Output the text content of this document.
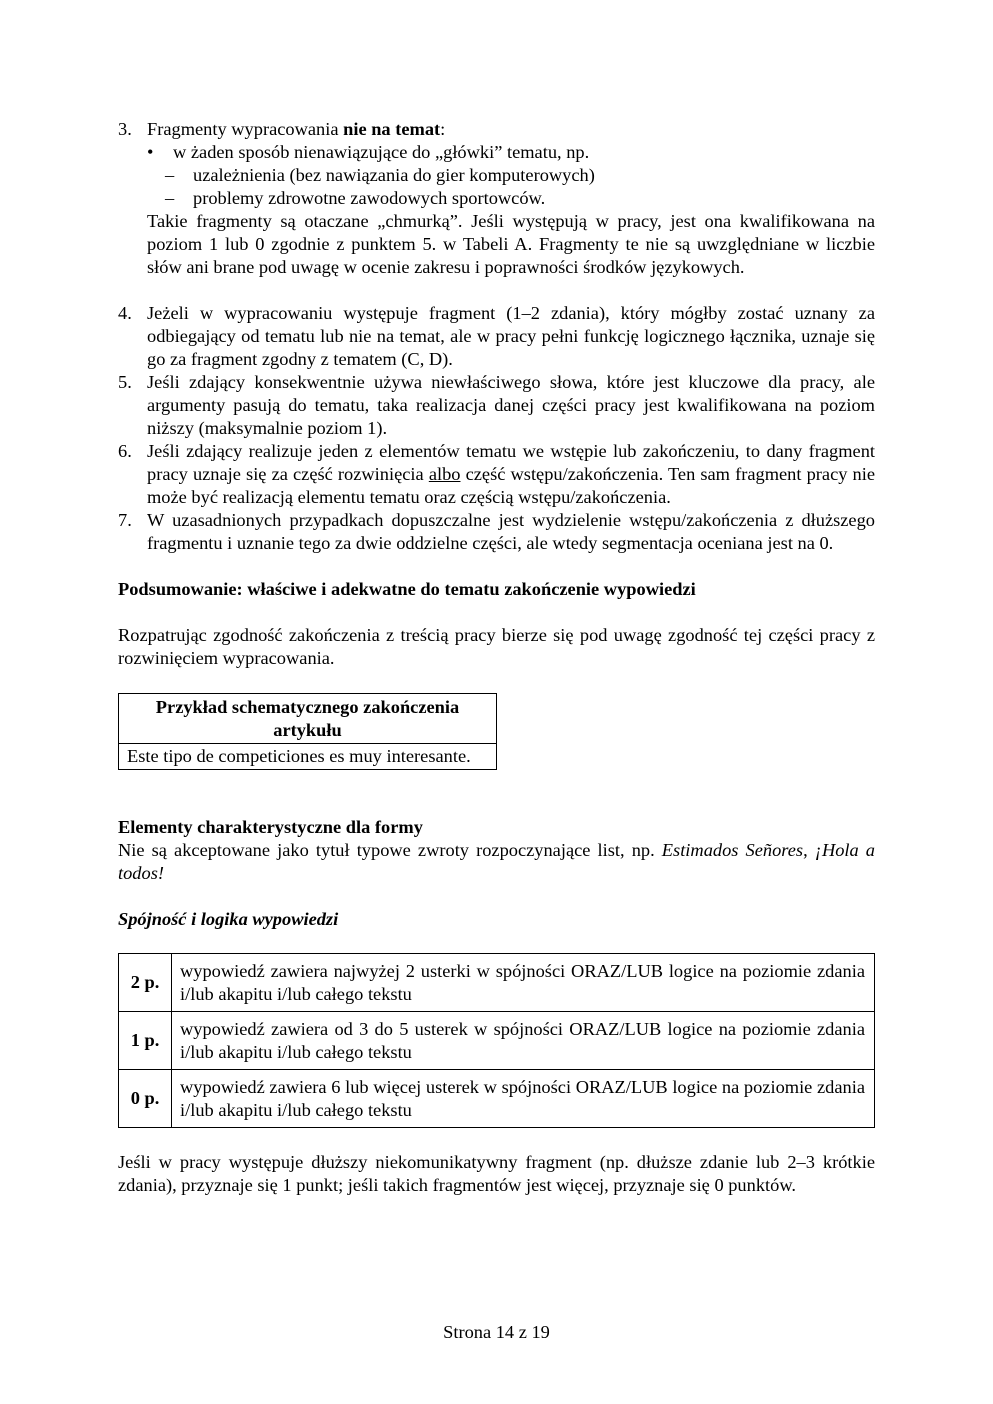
3. Fragmenty wypracowania nie na temat:

• w żaden sposób nienawiązujące do „główki” tematu, np.
– uzależnienia (bez nawiązania do gier komputerowych)
– problemy zdrowotne zawodowych sportowców.

Takie fragmenty są otaczane „chmurką”. Jeśli występują w pracy, jest ona kwalifikowana na poziom 1 lub 0 zgodnie z punktem 5. w Tabeli A. Fragmenty te nie są uwzględniane w liczbie słów ani brane pod uwagę w ocenie zakresu i poprawności środków językowych.

4. Jeżeli w wypracowaniu występuje fragment (1–2 zdania), który mógłby zostać uznany za odbiegający od tematu lub nie na temat, ale w pracy pełni funkcję logicznego łącznika, uznaje się go za fragment zgodny z tematem (C, D).

5. Jeśli zdający konsekwentnie używa niewłaściwego słowa, które jest kluczowe dla pracy, ale argumenty pasują do tematu, taka realizacja danej części pracy jest kwalifikowana na poziom niższy (maksymalnie poziom 1).

6. Jeśli zdający realizuje jeden z elementów tematu we wstępie lub zakończeniu, to dany fragment pracy uznaje się za część rozwinięcia albo część wstępu/zakończenia. Ten sam fragment pracy nie może być realizacją elementu tematu oraz częścią wstępu/zakończenia.

7. W uzasadnionych przypadkach dopuszczalne jest wydzielenie wstępu/zakończenia z dłuższego fragmentu i uznanie tego za dwie oddzielne części, ale wtedy segmentacja oceniana jest na 0.

Podsumowanie: właściwe i adekwatne do tematu zakończenie wypowiedzi

Rozpatrując zgodność zakończenia z treścią pracy bierze się pod uwagę zgodność tej części pracy z rozwinięciem wypracowania.

Przykład schematycznego zakończenia
artykułu

Este tipo de competiciones es muy interesante.

Elementy charakterystyczne dla formy

Nie są akceptowane jako tytuł typowe zwroty rozpoczynające list, np. Estimados Señores, ¡Hola a todos!

Spójność i logika wypowiedzi

2 p.	wypowiedź zawiera najwyżej 2 usterki w spójności ORAZ/LUB logice na poziomie zdania i/lub akapitu i/lub całego tekstu
1 p.	wypowiedź zawiera od 3 do 5 usterek w spójności ORAZ/LUB logice na poziomie zdania i/lub akapitu i/lub całego tekstu
0 p.	wypowiedź zawiera 6 lub więcej usterek w spójności ORAZ/LUB logice na poziomie zdania i/lub akapitu i/lub całego tekstu

Jeśli w pracy występuje dłuższy niekomunikatywny fragment (np. dłuższe zdanie lub 2–3 krótkie zdania), przyznaje się 1 punkt; jeśli takich fragmentów jest więcej, przyznaje się 0 punktów.

Strona 14 z 19
